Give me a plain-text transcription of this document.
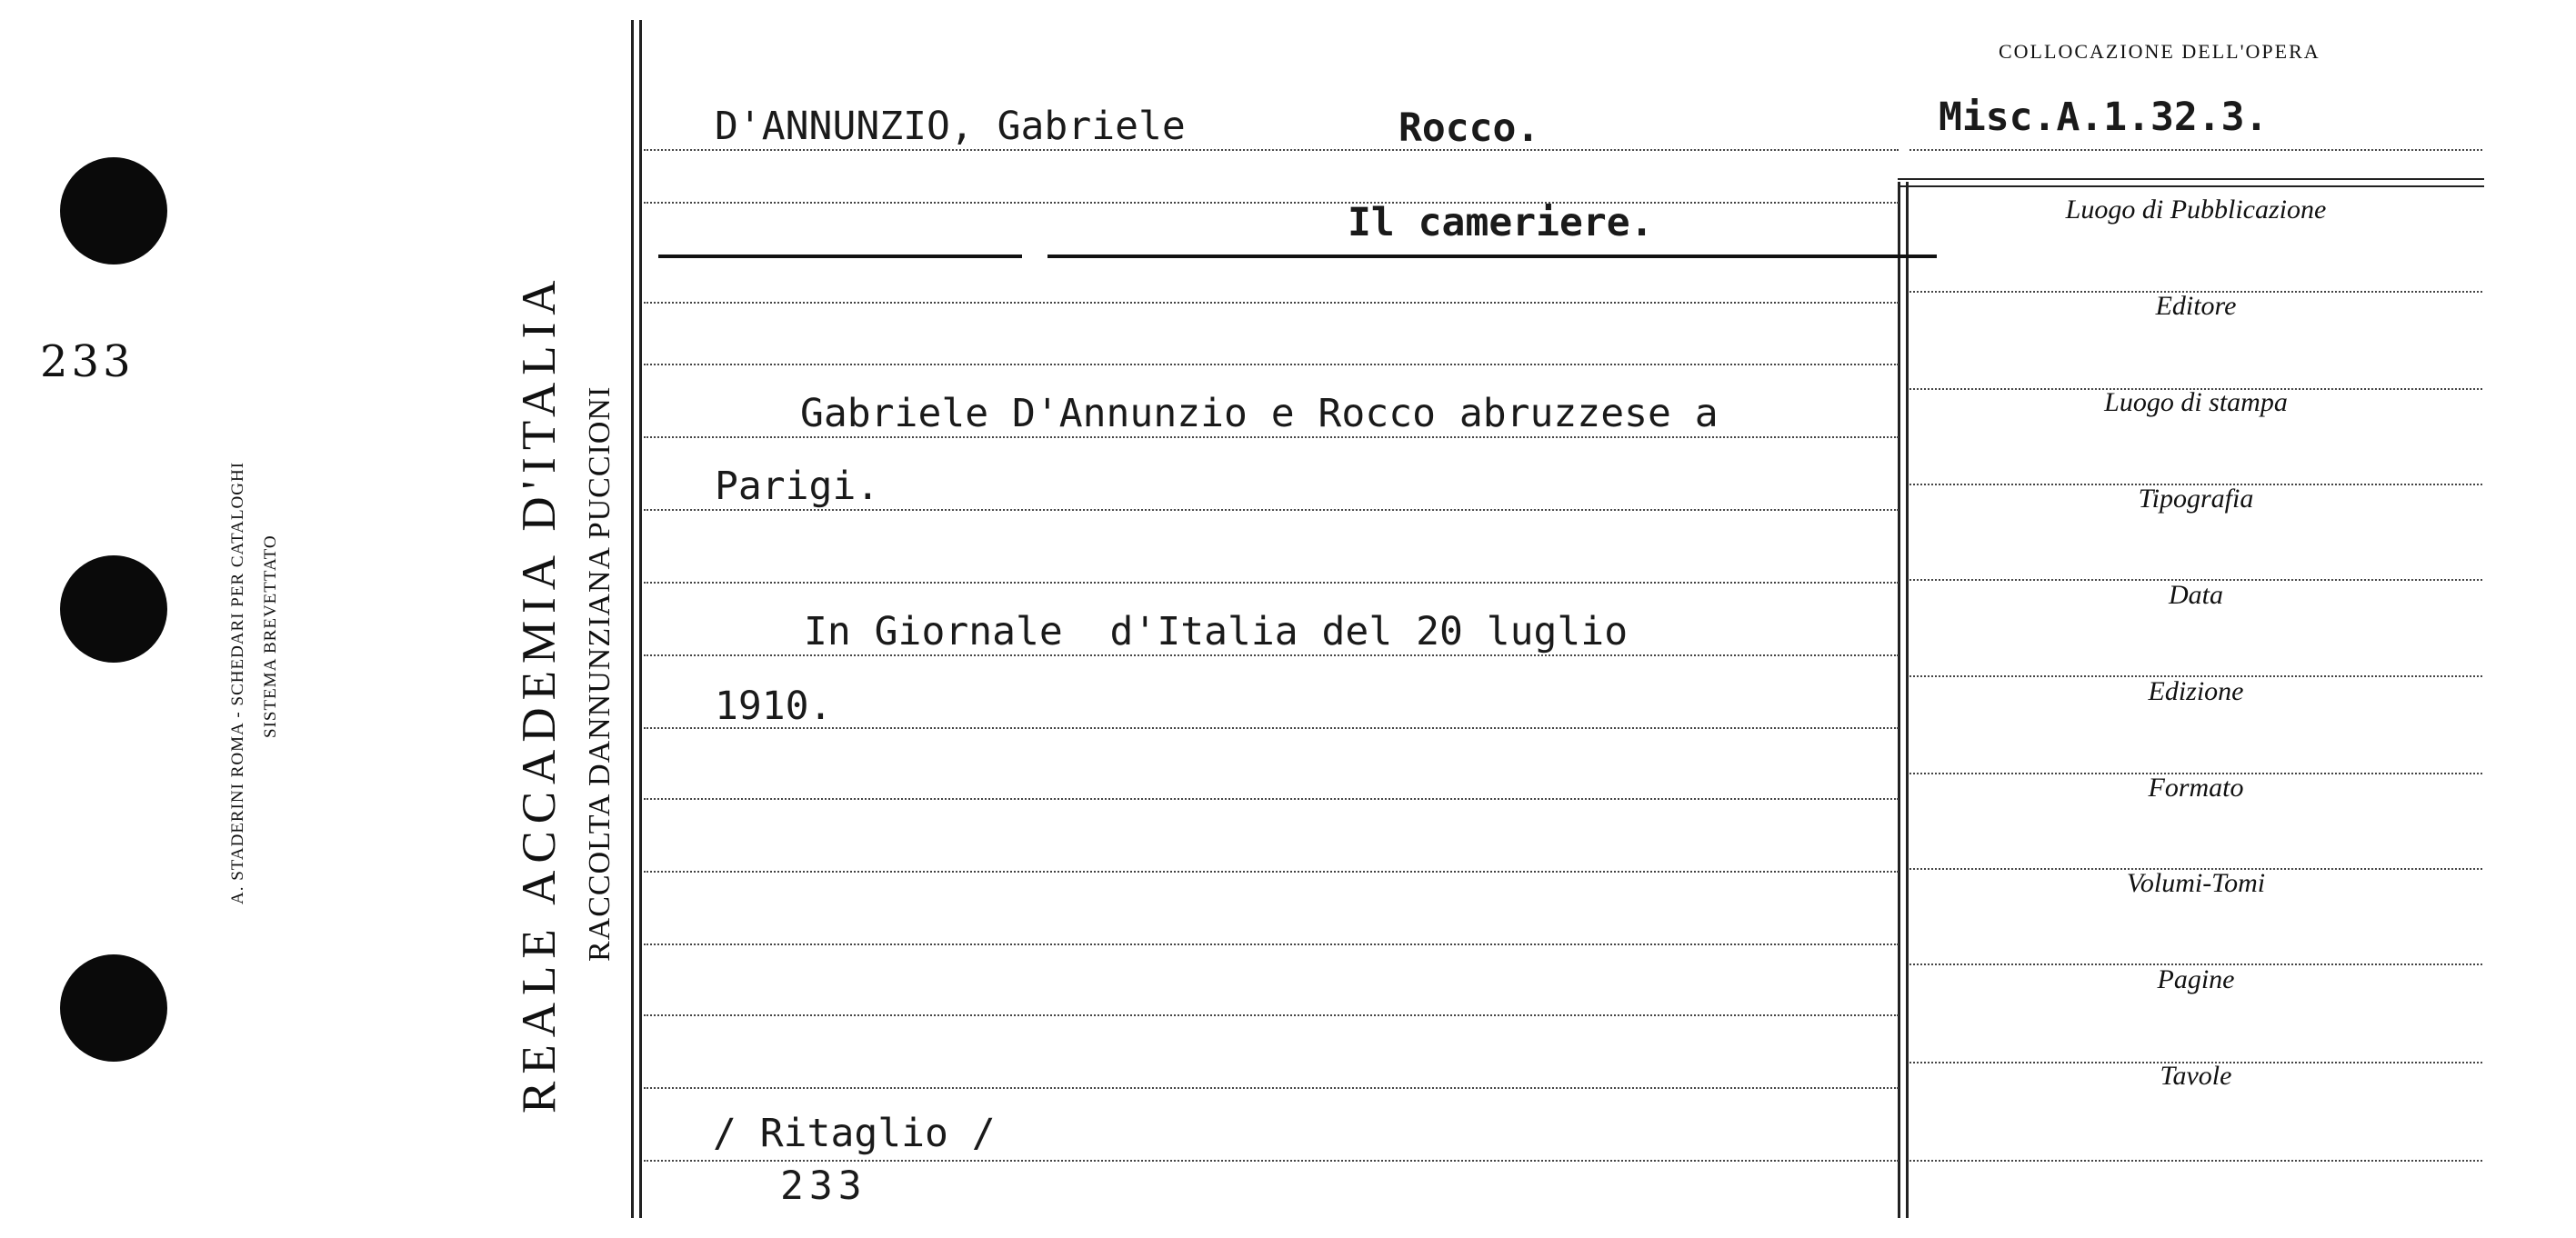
233
A. STADERINI ROMA - SCHEDARI PER CATALOGHI SISTEMA BREVETTATO	REALE ACCADEMIA D'ITALIA RACCOLTA DANNUNZIANA PUCCIONI
COLLOCAZIONE DELL'OPERA
Misc.A.1.32.3.
Luogo di Pubblicazione
Editore
Luogo di stampa
Tipografia
Data
Edizione
Formato
Volumi-Tomi
Pagine
Tavole
D'ANNUNZIO, Gabriele	Rocco.
Il cameriere.
Gabriele D'Annunzio e Rocco abruzzese a
Parigi.
In Giornale  d'Italia del 20 luglio
1910.
/ Ritaglio /
233
